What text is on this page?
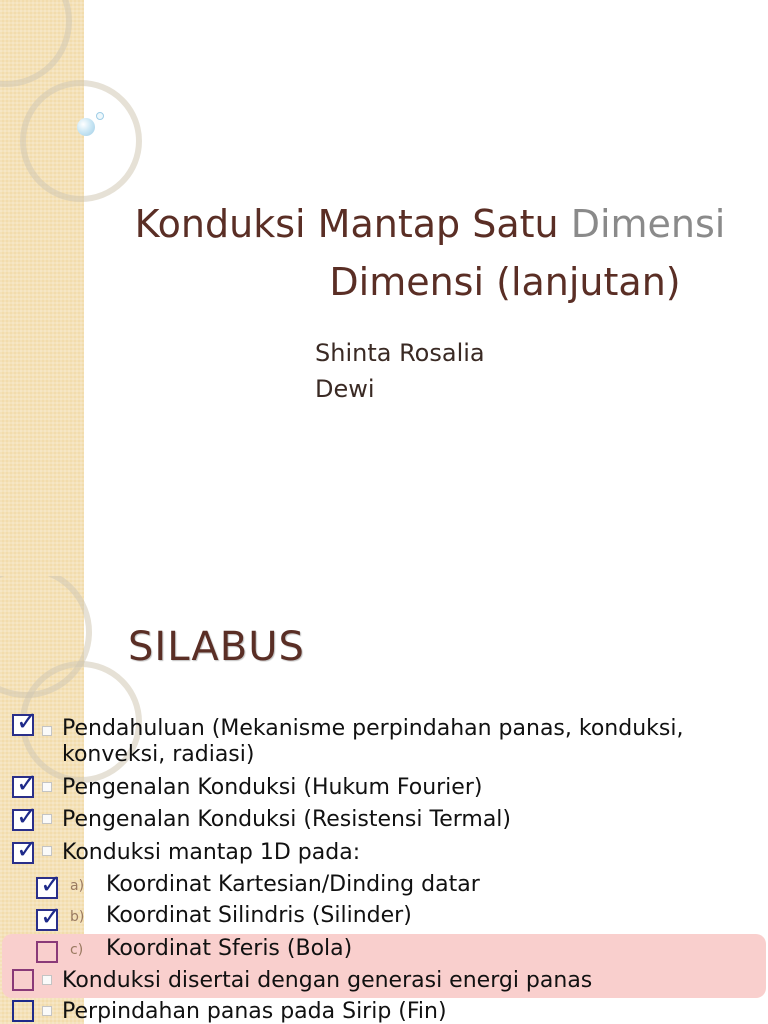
Konduksi Mantap Satu Dimensi
Dimensi (lanjutan)
Shinta Rosalia
Dewi
SILABUS
✓
Pendahuluan (Mekanisme perpindahan panas, konduksi,
konveksi, radiasi)
✓
Pengenalan Konduksi (Hukum Fourier)
✓
Pengenalan Konduksi (Resistensi Termal)
✓
Konduksi mantap 1D pada:
✓
a) Koordinat Kartesian/Dinding datar
✓
b) Koordinat Silindris (Silinder)
c) Koordinat Sferis (Bola)
Konduksi disertai dengan generasi energi panas
Perpindahan panas pada Sirip (Fin)
